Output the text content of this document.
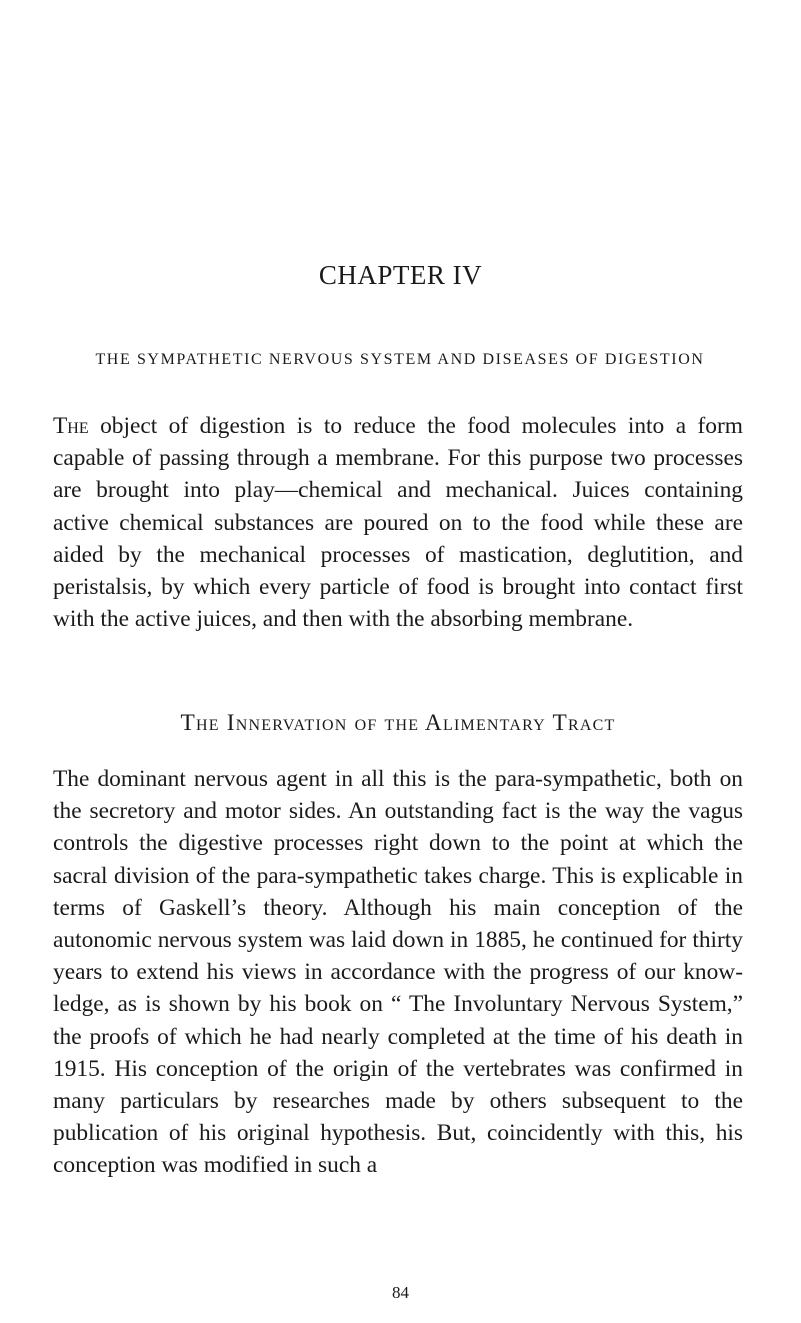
CHAPTER IV
THE SYMPATHETIC NERVOUS SYSTEM AND DISEASES OF DIGESTION

The object of digestion is to reduce the food molecules into a form capable of passing through a membrane. For this purpose two processes are brought into play—chemical and mechanical. Juices containing active chemical substances are poured on to the food while these are aided by the mechanical processes of mastication, deglutition, and peristalsis, by which every particle of food is brought into contact first with the active juices, and then with the absorbing membrane.

The Innervation of the Alimentary Tract

The dominant nervous agent in all this is the para-sympathetic, both on the secretory and motor sides. An outstanding fact is the way the vagus controls the digestive processes right down to the point at which the sacral division of the para-sympathetic takes charge. This is explicable in terms of Gaskell’s theory. Although his main conception of the autonomic nervous system was laid down in 1885, he continued for thirty years to extend his views in accordance with the progress of our knowledge, as is shown by his book on “ The Involuntary Nervous System,” the proofs of which he had nearly completed at the time of his death in 1915. His conception of the origin of the vertebrates was confirmed in many particulars by researches made by others subsequent to the publication of his original hypothesis. But, coincidently with this, his conception was modified in such a

84
